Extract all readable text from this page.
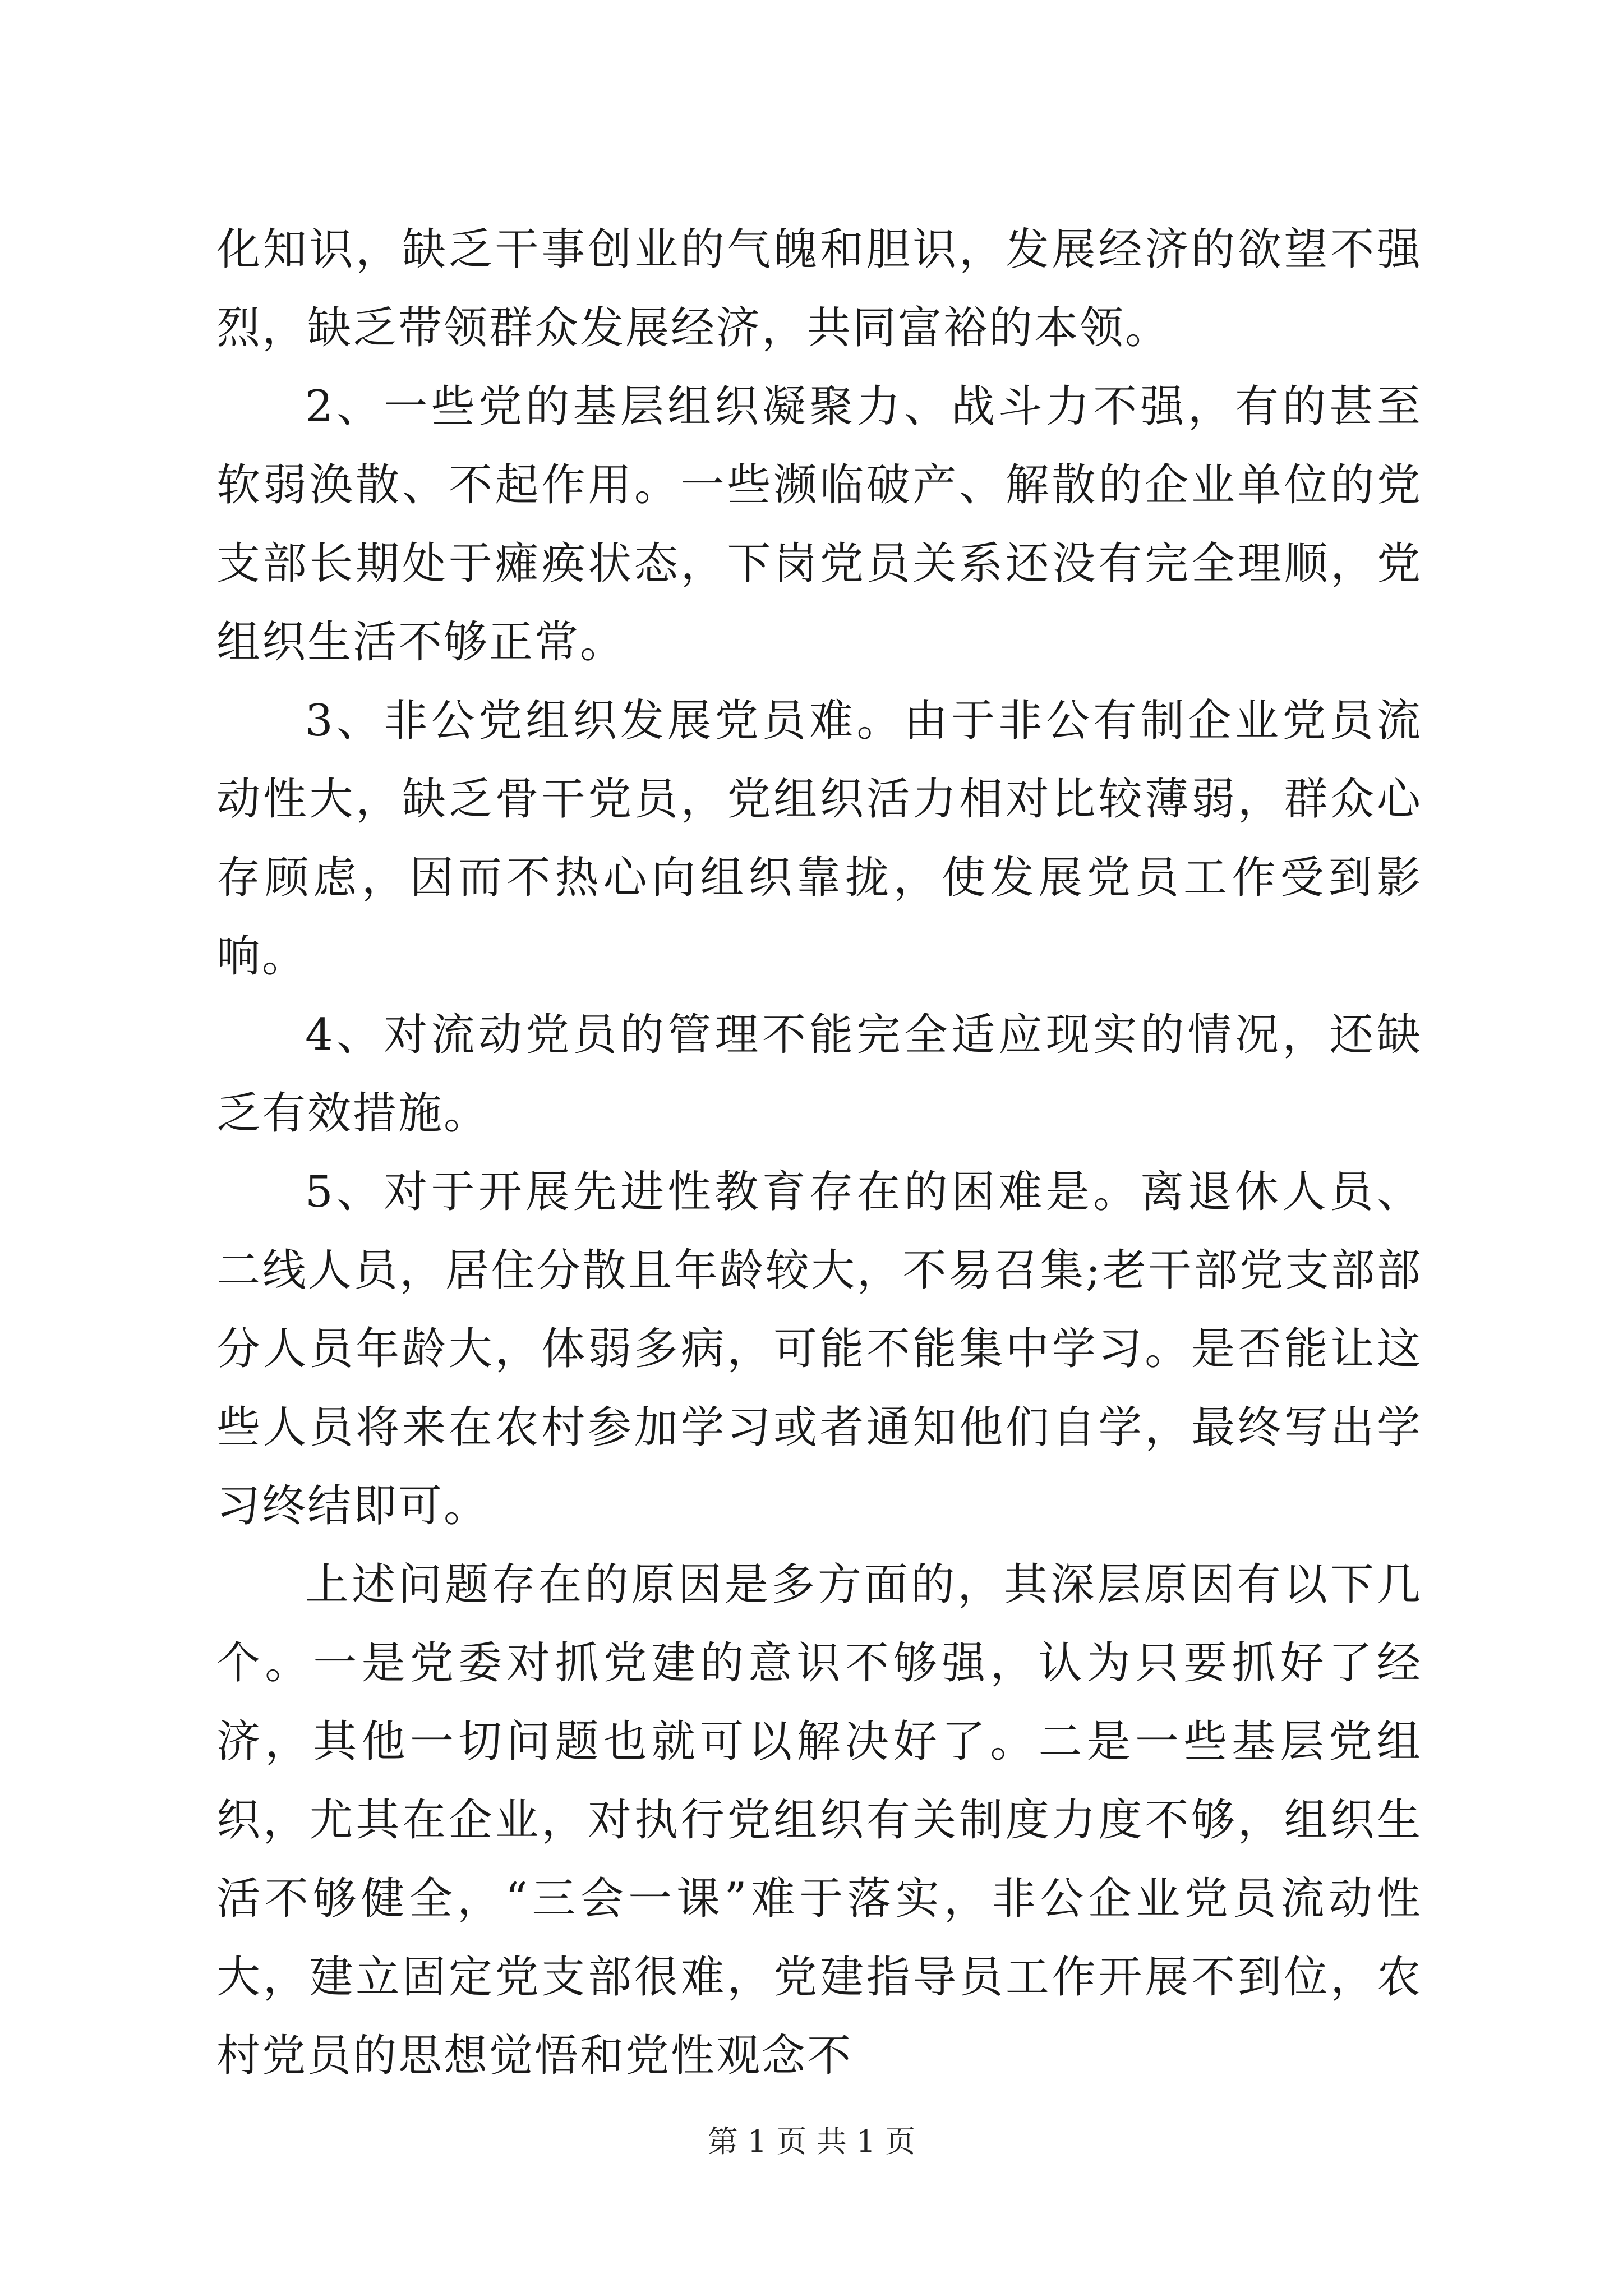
化知识，缺乏干事创业的气魄和胆识，发展经济的欲望不强烈，缺乏带领群众发展经济，共同富裕的本领。

2、一些党的基层组织凝聚力、战斗力不强，有的甚至软弱涣散、不起作用。一些濒临破产、解散的企业单位的党支部长期处于瘫痪状态，下岗党员关系还没有完全理顺，党组织生活不够正常。

3、非公党组织发展党员难。由于非公有制企业党员流动性大，缺乏骨干党员，党组织活力相对比较薄弱，群众心存顾虑，因而不热心向组织靠拢，使发展党员工作受到影响。

4、对流动党员的管理不能完全适应现实的情况，还缺乏有效措施。

5、对于开展先进性教育存在的困难是。离退休人员、二线人员，居住分散且年龄较大，不易召集;老干部党支部部分人员年龄大，体弱多病，可能不能集中学习。是否能让这些人员将来在农村参加学习或者通知他们自学，最终写出学习终结即可。

上述问题存在的原因是多方面的，其深层原因有以下几个。一是党委对抓党建的意识不够强，认为只要抓好了经济，其他一切问题也就可以解决好了。二是一些基层党组织，尤其在企业，对执行党组织有关制度力度不够，组织生活不够健全，“三会一课”难于落实，非公企业党员流动性大，建立固定党支部很难，党建指导员工作开展不到位，农村党员的思想觉悟和党性观念不

第 1 页 共 1 页
